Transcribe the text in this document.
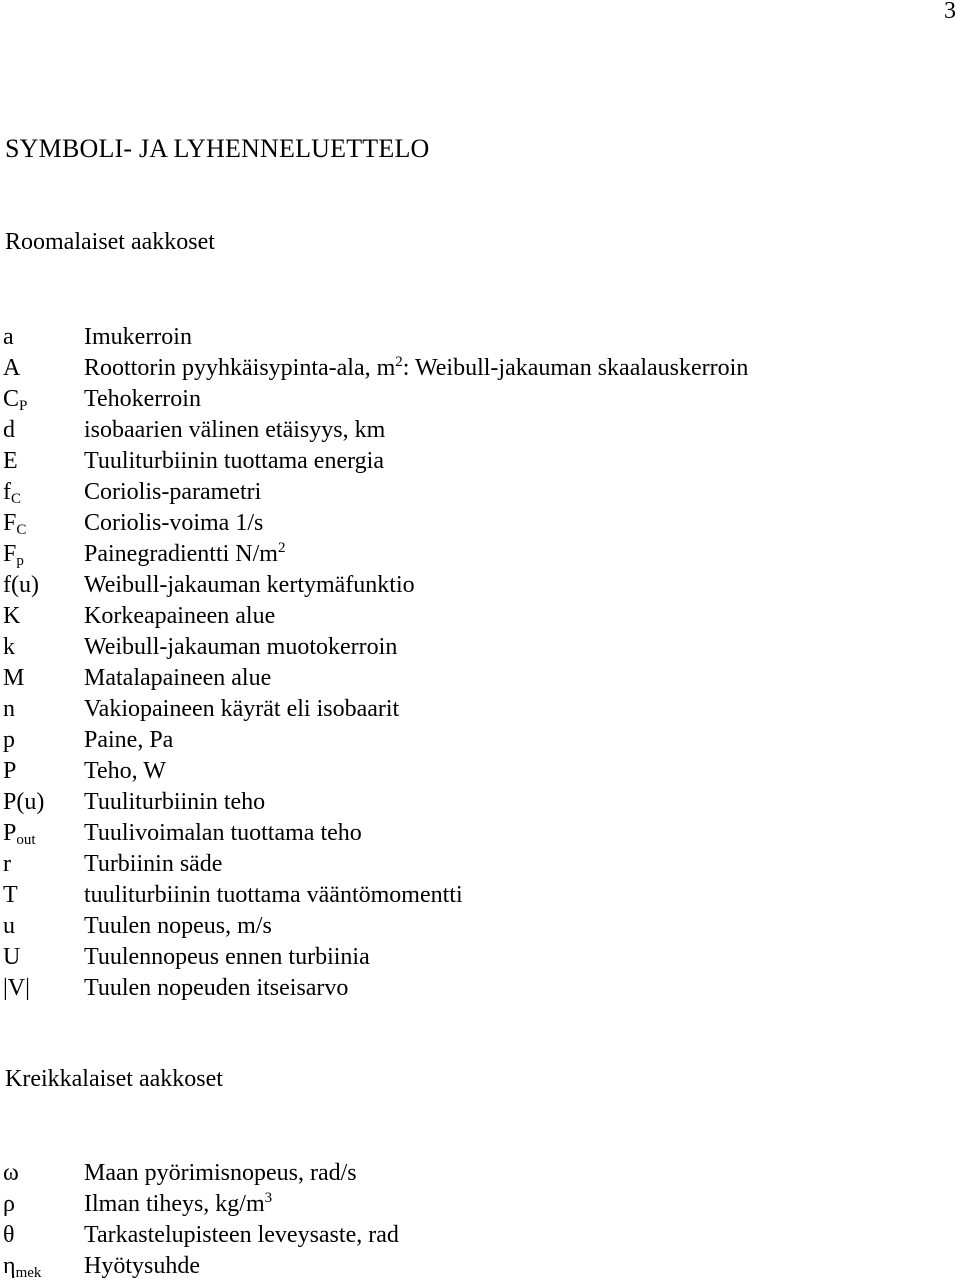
3
SYMBOLI- JA LYHENNELUETTELO
Roomalaiset aakkoset
a	Imukerroin
A	Roottorin pyyhkäisypinta-ala, $m^2$: Weibull-jakauman skaalauskerroin
CP Tehokerroin
d	isobaarien välinen etäisyys, km
E	Tuuliturbiinin tuottama energia
fC	Coriolis-parametri
FC Coriolis-voima 1/s
Fp	Painegradientti $N/m^2$
f(u) Weibull-jakauman kertymäfunktio
K	Korkeapaineen alue
k	Weibull-jakauman muotokerroin
M Matalapaineen alue
n	Vakiopaineen käyrät eli isobaarit
p	Paine, Pa
P	Teho, W
P(u) Tuuliturbiinin teho
Pout Tuulivoimalan tuottama teho
r	Turbiinin säde
T	tuuliturbiinin tuottama vääntömomentti
u	Tuulen nopeus, m/s
U	Tuulennopeus ennen turbiinia
|V| Tuulen nopeuden itseisarvo
Kreikkalaiset aakkoset
ω	Maan pyörimisnopeus, rad/s
ρ	Ilman tiheys, $kg/m^3$
θ	Tarkastelupisteen leveysaste, rad
ηmek Hyötysuhde
